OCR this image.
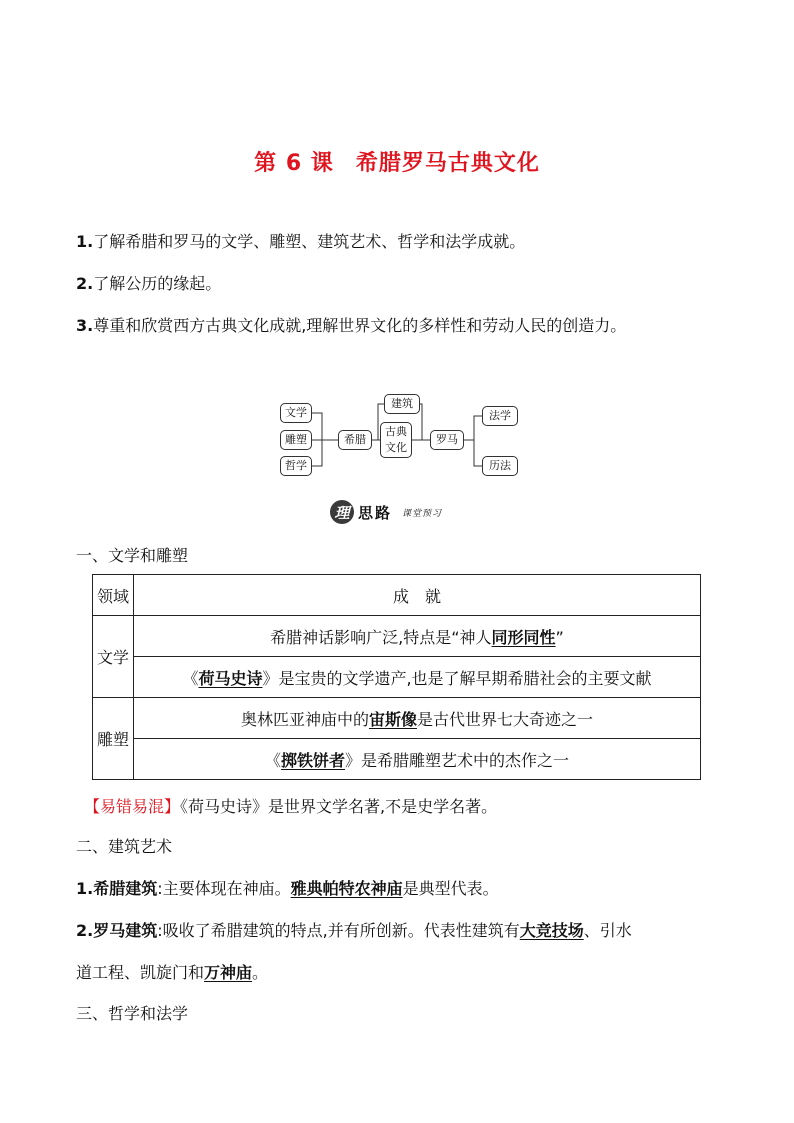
第 6 课 希腊罗马古典文化
1.了解希腊和罗马的文学、雕塑、建筑艺术、哲学和法学成就。
2.了解公历的缘起。
3.尊重和欣赏西方古典文化成就,理解世界文化的多样性和劳动人民的创造力。
文学
雕塑
哲学
希腊
建筑
古典
文化
罗马
法学
历法
理 思路 课堂预习
一、文学和雕塑
领域	成　就
文学	希腊神话影响广泛,特点是“神人同形同性”
	《荷马史诗》是宝贵的文学遗产,也是了解早期希腊社会的主要文献
雕塑	奥林匹亚神庙中的宙斯像是古代世界七大奇迹之一
	《掷铁饼者》是希腊雕塑艺术中的杰作之一
【易错易混】《荷马史诗》是世界文学名著,不是史学名著。
二、建筑艺术
1.希腊建筑:主要体现在神庙。雅典帕特农神庙是典型代表。
2.罗马建筑:吸收了希腊建筑的特点,并有所创新。代表性建筑有大竞技场、引水
道工程、凯旋门和万神庙。
三、哲学和法学
